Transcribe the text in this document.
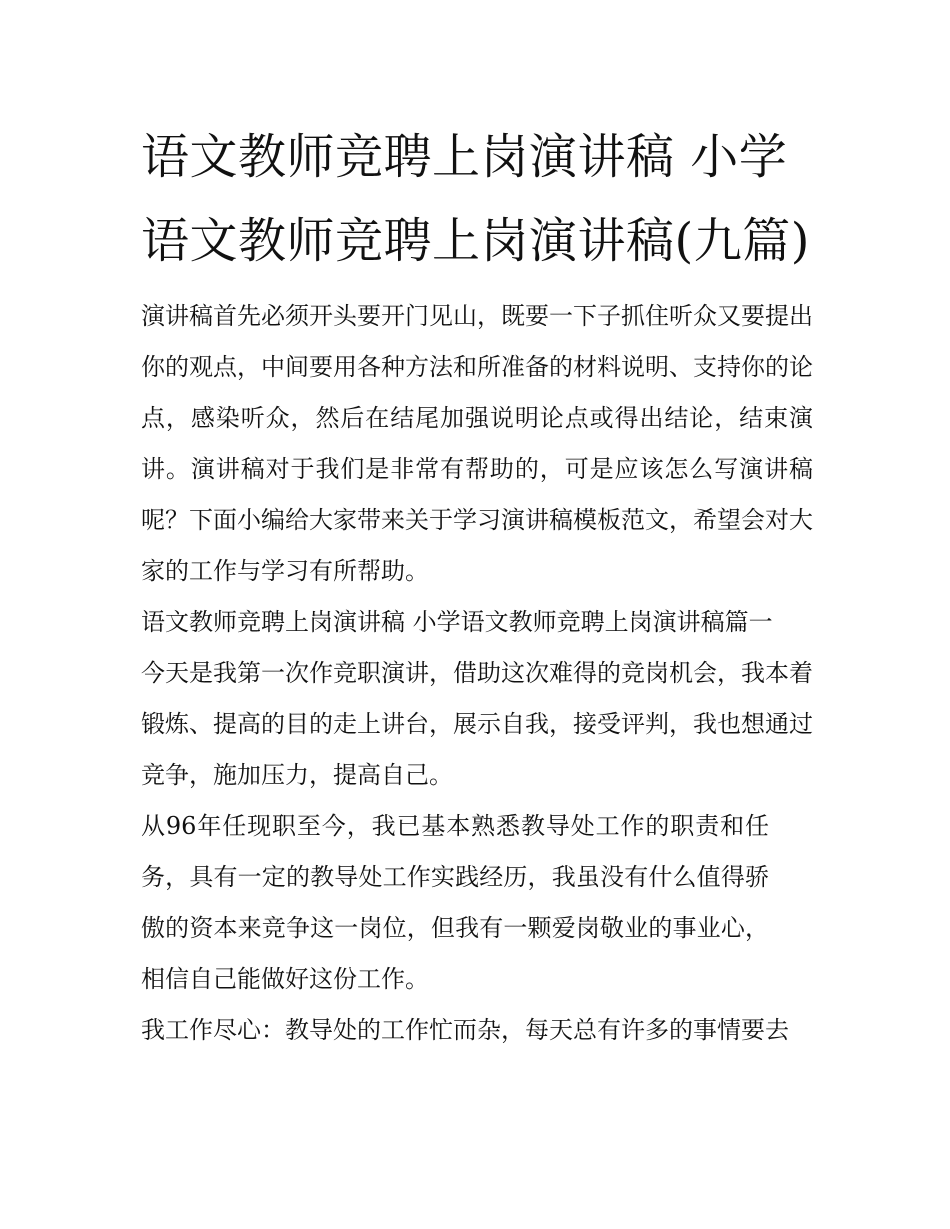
语文教师竞聘上岗演讲稿 小学语文教师竞聘上岗演讲稿(九篇)

演讲稿首先必须开头要开门见山，既要一下子抓住听众又要提出你的观点，中间要用各种方法和所准备的材料说明、支持你的论点，感染听众，然后在结尾加强说明论点或得出结论，结束演讲。演讲稿对于我们是非常有帮助的，可是应该怎么写演讲稿呢？下面小编给大家带来关于学习演讲稿模板范文，希望会对大家的工作与学习有所帮助。

语文教师竞聘上岗演讲稿 小学语文教师竞聘上岗演讲稿篇一

今天是我第一次作竞职演讲，借助这次难得的竞岗机会，我本着锻炼、提高的目的走上讲台，展示自我，接受评判，我也想通过竞争，施加压力，提高自己。

从96年任现职至今，我已基本熟悉教导处工作的职责和任务，具有一定的教导处工作实践经历，我虽没有什么值得骄傲的资本来竞争这一岗位，但我有一颗爱岗敬业的事业心，相信自己能做好这份工作。

我工作尽心：教导处的工作忙而杂，每天总有许多的事情要去
